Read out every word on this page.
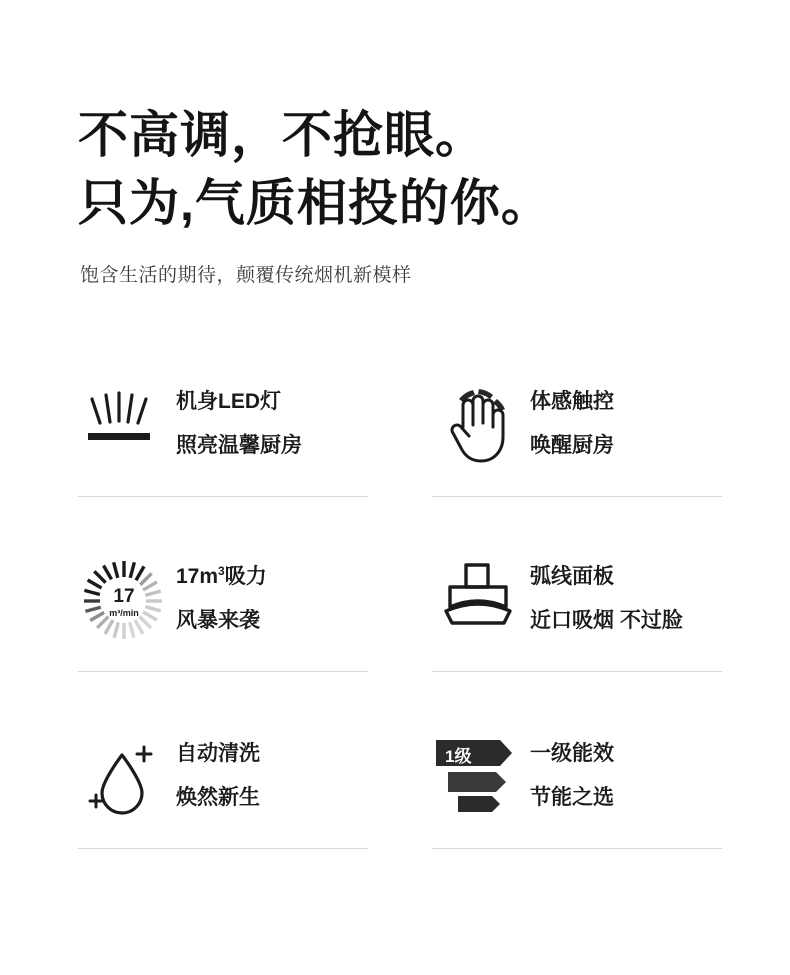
不高调，不抢眼。
只为,气质相投的你。
饱含生活的期待，颠覆传统烟机新模样
机身LED灯
照亮温馨厨房
体感触控
唤醒厨房
17
m³/min
$17m^3$吸力
风暴来袭
弧线面板
近口吸烟 不过脸
自动清洗
焕然新生
1级	一级能效
节能之选
